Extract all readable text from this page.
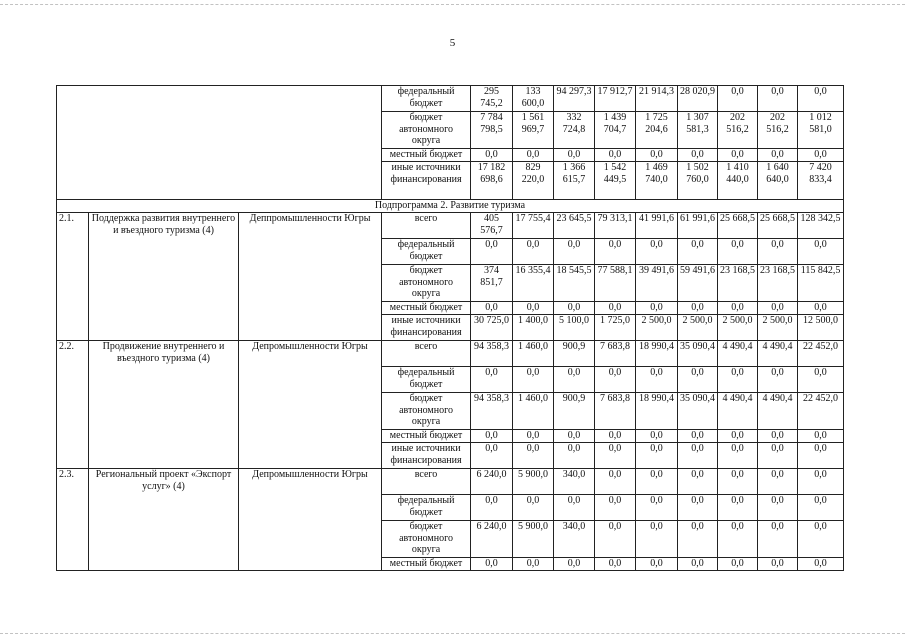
5
			федеральный бюджет	295 745,2	133 600,0	94 297,3	17 912,7	21 914,3	28 020,9	0,0	0,0	0,0
			бюджет автономного округа	7 784 798,5	1 561 969,7	332 724,8	1 439 704,7	1 725 204,6	1 307 581,3	202 516,2	202 516,2	1 012 581,0
			местный бюджет	0,0	0,0	0,0	0,0	0,0	0,0	0,0	0,0	0,0
			иные источники финансирования	17 182 698,6	829 220,0	1 366 615,7	1 542 449,5	1 469 740,0	1 502 760,0	1 410 440,0	1 640 640,0	7 420 833,4
Подпрограмма 2. Развитие туризма												
2.1.	Поддержка развития внутреннего и въездного туризма (4)	Деппромышленности Югры	всего	405 576,7	17 755,4	23 645,5	79 313,1	41 991,6	61 991,6	25 668,5	25 668,5	128 342,5
			федеральный бюджет	0,0	0,0	0,0	0,0	0,0	0,0	0,0	0,0	0,0
			бюджет автономного округа	374 851,7	16 355,4	18 545,5	77 588,1	39 491,6	59 491,6	23 168,5	23 168,5	115 842,5
			местный бюджет	0,0	0,0	0,0	0,0	0,0	0,0	0,0	0,0	0,0
			иные источники финансирования	30 725,0	1 400,0	5 100,0	1 725,0	2 500,0	2 500,0	2 500,0	2 500,0	12 500,0
2.2.	Продвижение внутреннего и въездного туризма (4)	Депромышленности Югры	всего	94 358,3	1 460,0	900,9	7 683,8	18 990,4	35 090,4	4 490,4	4 490,4	22 452,0
			федеральный бюджет	0,0	0,0	0,0	0,0	0,0	0,0	0,0	0,0	0,0
			бюджет автономного округа	94 358,3	1 460,0	900,9	7 683,8	18 990,4	35 090,4	4 490,4	4 490,4	22 452,0
			местный бюджет	0,0	0,0	0,0	0,0	0,0	0,0	0,0	0,0	0,0
			иные источники финансирования	0,0	0,0	0,0	0,0	0,0	0,0	0,0	0,0	0,0
2.3.	Региональный проект «Экспорт услуг» (4)	Депромышленности Югры	всего	6 240,0	5 900,0	340,0	0,0	0,0	0,0	0,0	0,0	0,0
			федеральный бюджет	0,0	0,0	0,0	0,0	0,0	0,0	0,0	0,0	0,0
			бюджет автономного округа	6 240,0	5 900,0	340,0	0,0	0,0	0,0	0,0	0,0	0,0
			местный бюджет	0,0	0,0	0,0	0,0	0,0	0,0	0,0	0,0	0,0
